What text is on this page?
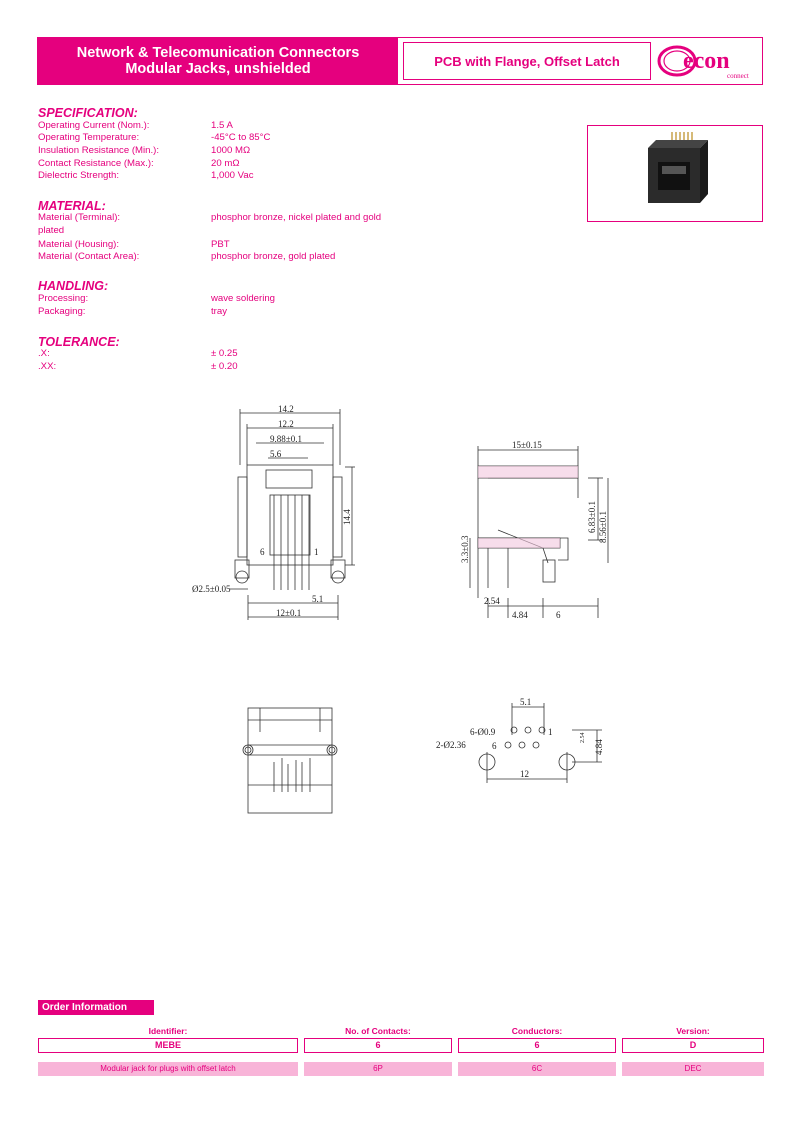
Network & Telecomunication Connectors
Modular Jacks, unshielded	PCB with Flange, Offset Latch	econ
connect
SPECIFICATION:
Operating Current (Nom.):	1.5 A
Operating Temperature:	-45°C to 85°C
Insulation Resistance (Min.):	1000 MΩ
Contact Resistance (Max.):	20 mΩ
Dielectric Strength:	1,000 Vac
MATERIAL:
Material (Terminal):	phosphor bronze, nickel plated and gold
plated
Material (Housing):	PBT
Material (Contact Area):	phosphor bronze, gold plated
HANDLING:
Processing:	wave soldering
Packaging:	tray
TOLERANCE:
.X:	± 0.25
.XX:	± 0.20
14.2
12.2
9.88±0.1
5.6
14.4
Ø2.5±0.05
5.1
12±0.1
6	1
15±0.15
6.83±0.1 8.56±0.1
3.3±0.3
2.54
4.84	6
5.1
6-Ø0.9
2-Ø2.36
12
2.54
4.84
6
1
Order Information
Identifier:	No. of Contacts:	Conductors:	Version:
MEBE	6	6	D
Modular jack for plugs with offset latch	6P	6C	DEC
